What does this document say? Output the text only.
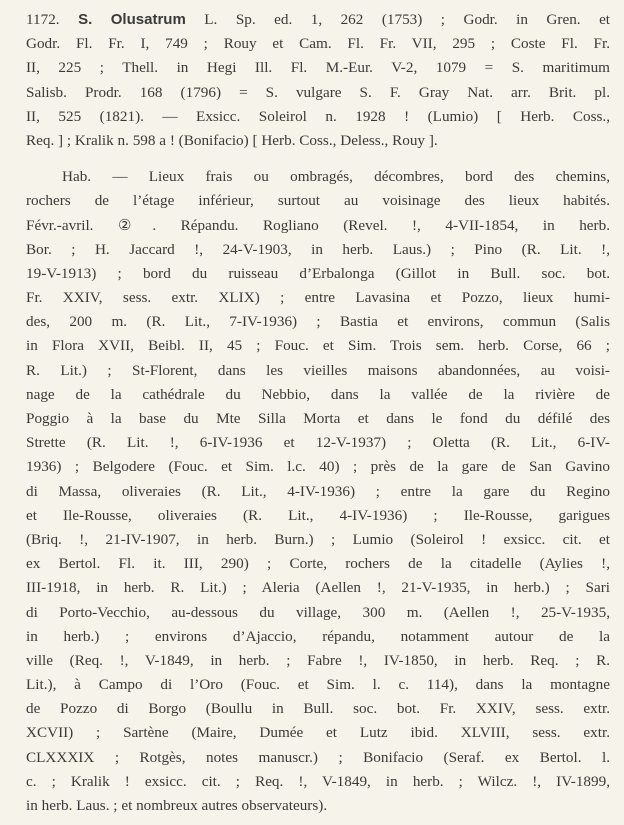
1172. S. Olusatrum L. Sp. ed. 1, 262 (1753) ; Godr. in Gren. et
Godr. Fl. Fr. I, 749 ; Rouy et Cam. Fl. Fr. VII, 295 ; Coste Fl. Fr.
II, 225 ; Thell. in Hegi Ill. Fl. M.-Eur. V-2, 1079 = S. maritimum
Salisb. Prodr. 168 (1796) = S. vulgare S. F. Gray Nat. arr. Brit. pl.
II, 525 (1821). — Exsicc. Soleirol n. 1928 ! (Lumio) [ Herb. Coss.,
Req. ] ; Kralik n. 598 a ! (Bonifacio) [ Herb. Coss., Deless., Rouy ].
Hab. — Lieux frais ou ombragés, décombres, bord des chemins,
rochers de l’étage inférieur, surtout au voisinage des lieux habités.
Févr.-avril. ②. Répandu. Rogliano (Revel. !, 4-VII-1854, in herb.
Bor. ; H. Jaccard !, 24-V-1903, in herb. Laus.) ; Pino (R. Lit. !,
19-V-1913) ; bord du ruisseau d’Erbalonga (Gillot in Bull. soc. bot.
Fr. XXIV, sess. extr. XLIX) ; entre Lavasina et Pozzo, lieux humi-
des, 200 m. (R. Lit., 7-IV-1936) ; Bastia et environs, commun (Salis
in Flora XVII, Beibl. II, 45 ; Fouc. et Sim. Trois sem. herb. Corse, 66 ;
R. Lit.) ; St-Florent, dans les vieilles maisons abandonnées, au voisi-
nage de la cathédrale du Nebbio, dans la vallée de la rivière de
Poggio à la base du Mte Silla Morta et dans le fond du défilé des
Strette (R. Lit. !, 6-IV-1936 et 12-V-1937) ; Oletta (R. Lit., 6-IV-
1936) ; Belgodere (Fouc. et Sim. l.c. 40) ; près de la gare de San Gavino
di Massa, oliveraies (R. Lit., 4-IV-1936) ; entre la gare du Regino
et Ile-Rousse, oliveraies (R. Lit., 4-IV-1936) ; Ile-Rousse, garigues
(Briq. !, 21-IV-1907, in herb. Burn.) ; Lumio (Soleirol ! exsicc. cit. et
ex Bertol. Fl. it. III, 290) ; Corte, rochers de la citadelle (Aylies !,
III-1918, in herb. R. Lit.) ; Aleria (Aellen !, 21-V-1935, in herb.) ; Sari
di Porto-Vecchio, au-dessous du village, 300 m. (Aellen !, 25-V-1935,
in herb.) ; environs d’Ajaccio, répandu, notamment autour de la
ville (Req. !, V-1849, in herb. ; Fabre !, IV-1850, in herb. Req. ; R.
Lit.), à Campo di l’Oro (Fouc. et Sim. l. c. 114), dans la montagne
de Pozzo di Borgo (Boullu in Bull. soc. bot. Fr. XXIV, sess. extr.
XCVII) ; Sartène (Maire, Dumée et Lutz ibid. XLVIII, sess. extr.
CLXXXIX ; Rotgès, notes manuscr.) ; Bonifacio (Seraf. ex Bertol. l.
c. ; Kralik ! exsicc. cit. ; Req. !, V-1849, in herb. ; Wilcz. !, IV-1899,
in herb. Laus. ; et nombreux autres observateurs).
